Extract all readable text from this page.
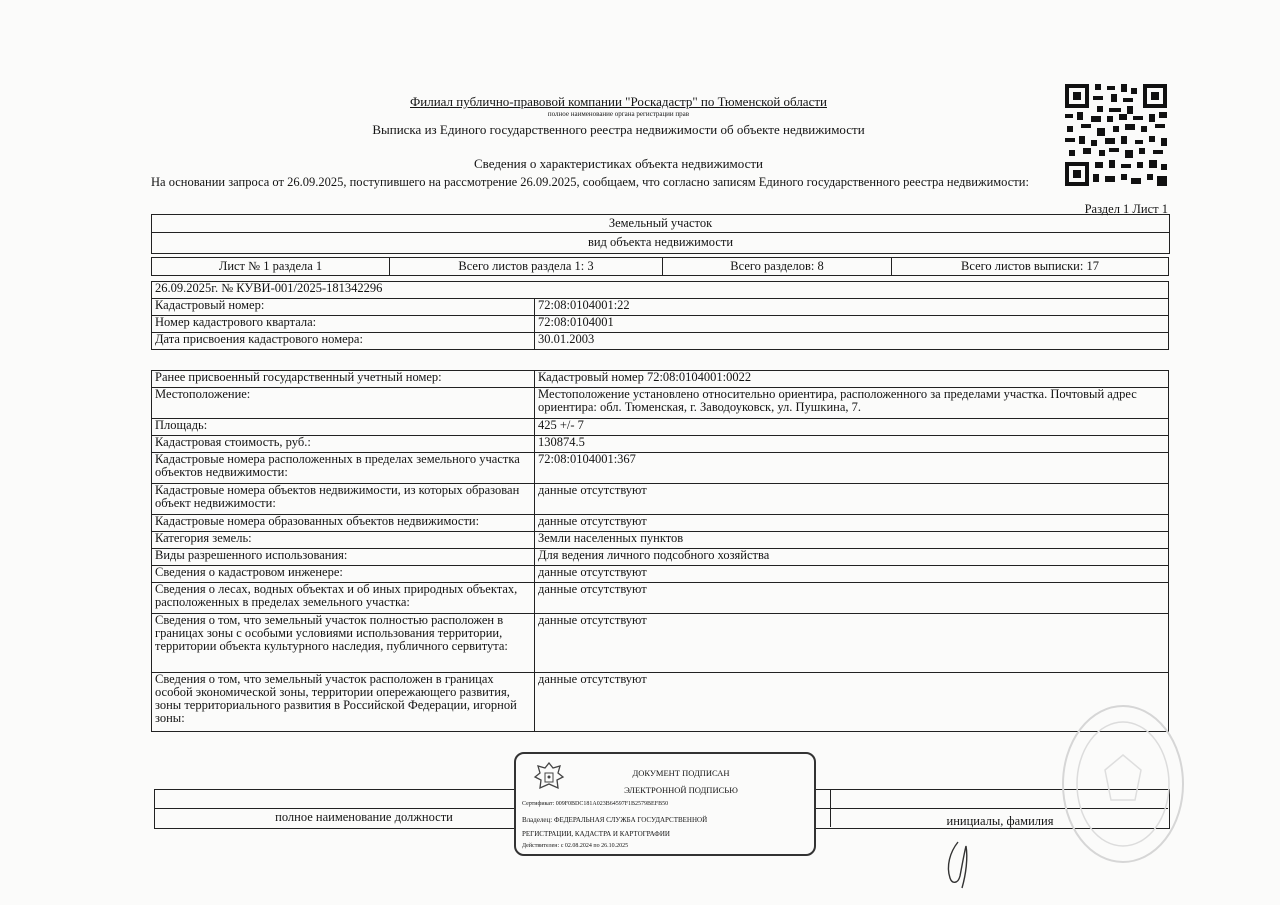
Филиал публично-правовой компании "Роскадастр" по Тюменской области
полное наименование органа регистрации прав
Выписка из Единого государственного реестра недвижимости об объекте недвижимости
Сведения о характеристиках объекта недвижимости
На основании запроса от 26.09.2025, поступившего на рассмотрение 26.09.2025, сообщаем, что согласно записям Единого государственного реестра недвижимости:
Раздел 1 Лист 1
Земельный участок
вид объекта недвижимости
Лист № 1 раздела 1	Всего листов раздела 1: 3	Всего разделов: 8	Всего листов выписки: 17
26.09.2025г. № КУВИ-001/2025-181342296	
Кадастровый номер:	72:08:0104001:22
Номер кадастрового квартала:	72:08:0104001
Дата присвоения кадастрового номера:	30.01.2003
Ранее присвоенный государственный учетный номер:	Кадастровый номер 72:08:0104001:0022
Местоположение:	Местоположение установлено относительно ориентира, расположенного за пределами участка. Почтовый адрес ориентира: обл. Тюменская, г. Заводоуковск, ул. Пушкина, 7.
Площадь:	425 +/- 7
Кадастровая стоимость, руб.:	130874.5
Кадастровые номера расположенных в пределах земельного участка объектов недвижимости:	72:08:0104001:367
Кадастровые номера объектов недвижимости, из которых образован объект недвижимости:	данные отсутствуют
Кадастровые номера образованных объектов недвижимости:	данные отсутствуют
Категория земель:	Земли населенных пунктов
Виды разрешенного использования:	Для ведения личного подсобного хозяйства
Сведения о кадастровом инженере:	данные отсутствуют
Сведения о лесах, водных объектах и об иных природных объектах, расположенных в пределах земельного участка:	данные отсутствуют
Сведения о том, что земельный участок полностью расположен в границах зоны с особыми условиями использования территории, территории объекта культурного наследия, публичного сервитута:	данные отсутствуют
Сведения о том, что земельный участок расположен в границах особой экономической зоны, территории опережающего развития, зоны территориального развития в Российской Федерации, игорной зоны:	данные отсутствуют
полное наименование должности	инициалы, фамилия
ДОКУМЕНТ ПОДПИСАН
ЭЛЕКТРОННОЙ ПОДПИСЬЮ
Сертификат: 009F0BDC181A023B64597F1B2579BEFB50
Владелец: ФЕДЕРАЛЬНАЯ СЛУЖБА ГОСУДАРСТВЕННОЙ
РЕГИСТРАЦИИ, КАДАСТРА И КАРТОГРАФИИ
Действителен: с 02.08.2024 по 26.10.2025
